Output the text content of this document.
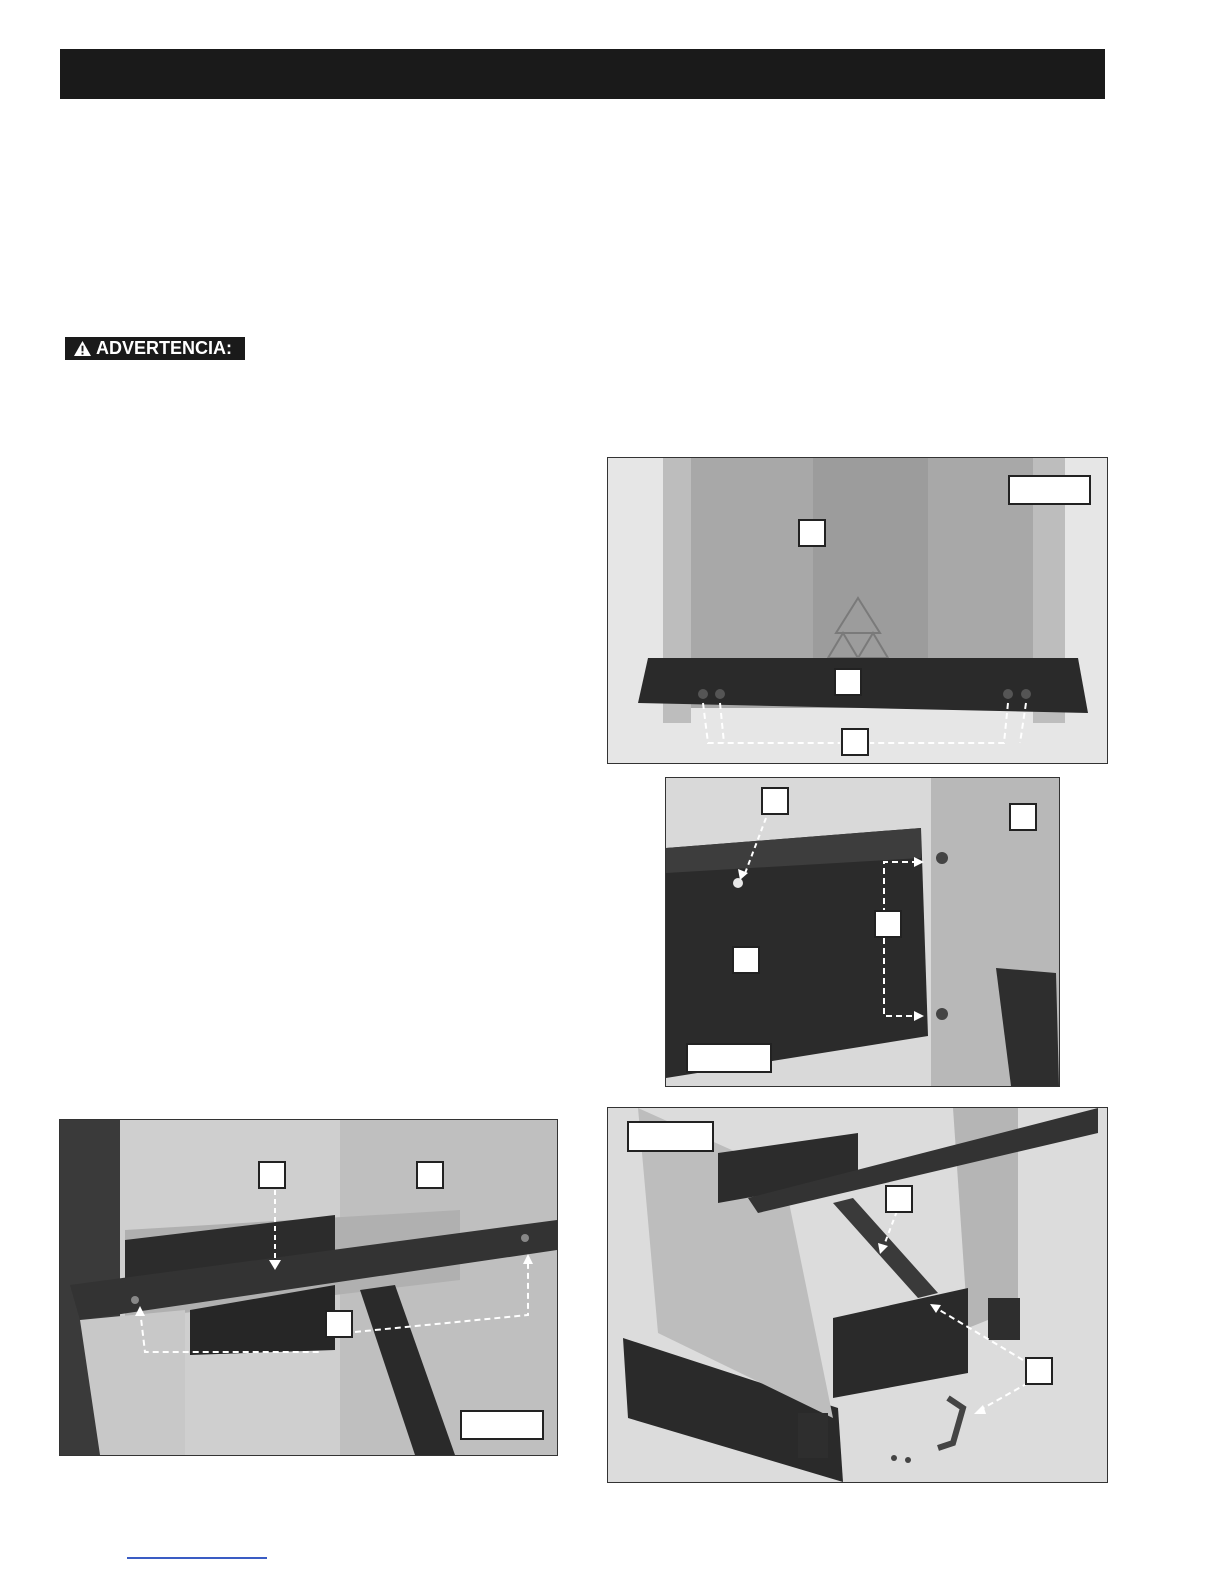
ADVERTENCIA:
